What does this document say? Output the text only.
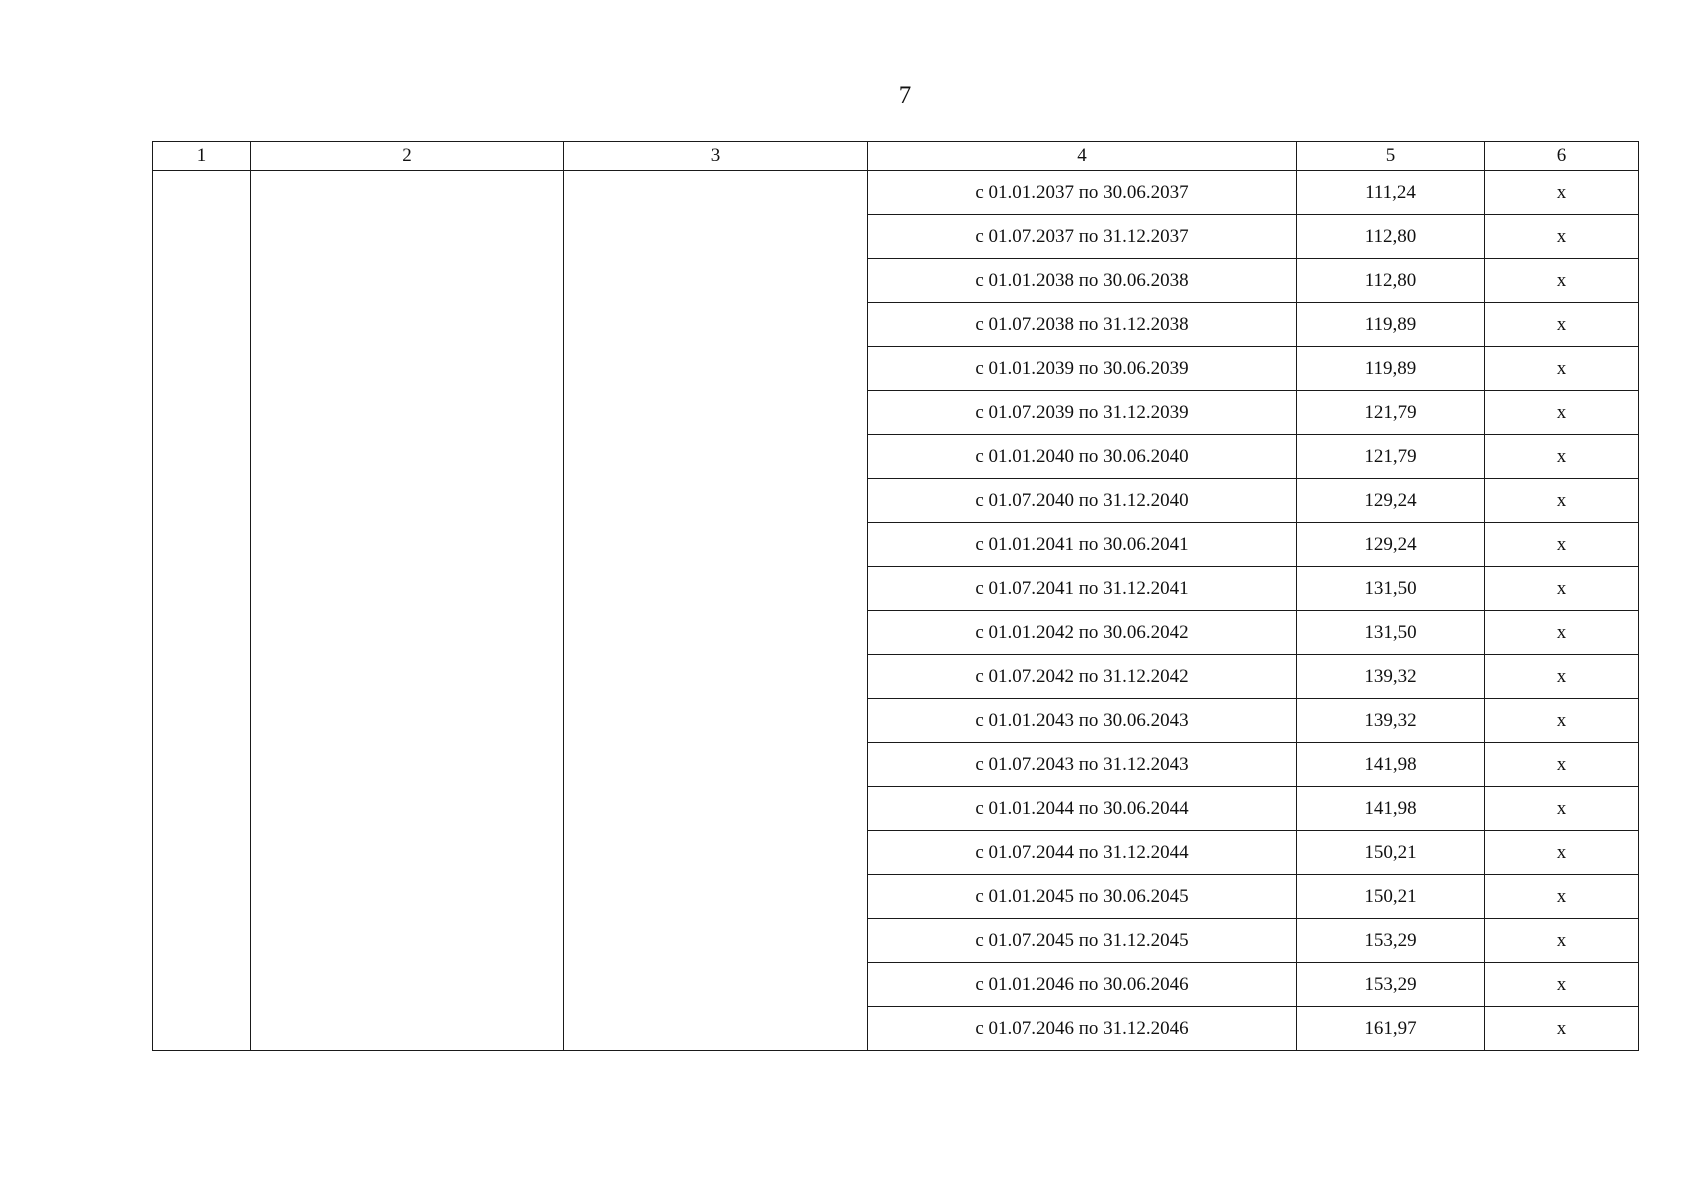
7
1	2	3	4	5	6
			с 01.01.2037 по 30.06.2037	111,24	x
			с 01.07.2037 по 31.12.2037	112,80	x
			с 01.01.2038 по 30.06.2038	112,80	x
			с 01.07.2038 по 31.12.2038	119,89	x
			с 01.01.2039 по 30.06.2039	119,89	x
			с 01.07.2039 по 31.12.2039	121,79	x
			с 01.01.2040 по 30.06.2040	121,79	x
			с 01.07.2040 по 31.12.2040	129,24	x
			с 01.01.2041 по 30.06.2041	129,24	x
			с 01.07.2041 по 31.12.2041	131,50	x
			с 01.01.2042 по 30.06.2042	131,50	x
			с 01.07.2042 по 31.12.2042	139,32	x
			с 01.01.2043 по 30.06.2043	139,32	x
			с 01.07.2043 по 31.12.2043	141,98	x
			с 01.01.2044 по 30.06.2044	141,98	x
			с 01.07.2044 по 31.12.2044	150,21	x
			с 01.01.2045 по 30.06.2045	150,21	x
			с 01.07.2045 по 31.12.2045	153,29	x
			с 01.01.2046 по 30.06.2046	153,29	x
			с 01.07.2046 по 31.12.2046	161,97	x
